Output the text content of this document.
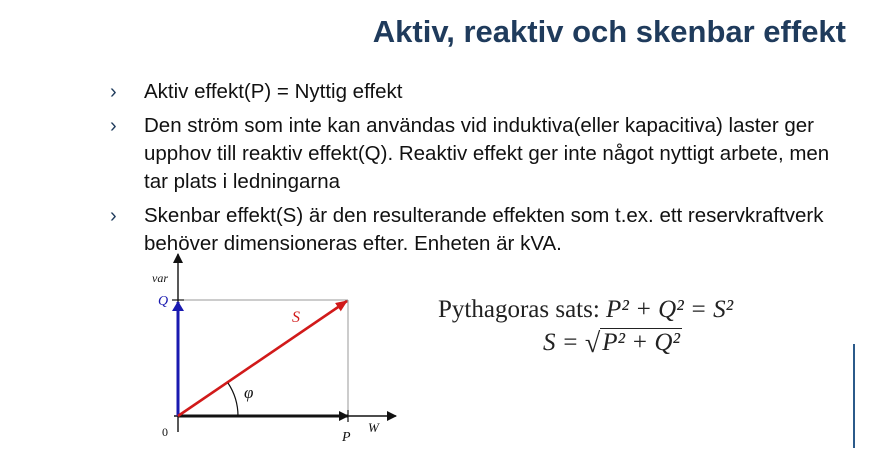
Aktiv, reaktiv och skenbar effekt
›	Aktiv effekt(P) = Nyttig effekt
›	Den ström som inte kan användas vid induktiva(eller kapacitiva) laster ger upphov till reaktiv effekt(Q). Reaktiv effekt ger inte något nyttigt arbete, men tar plats i ledningarna
›	Skenbar effekt(S) är den resulterande effekten som t.ex. ett reservkraftverk behöver dimensioneras efter. Enheten är kVA.
var
Q
S
φ
0	P
W
Pythagoras sats: P² + Q² = S²
S = √P² + Q²
